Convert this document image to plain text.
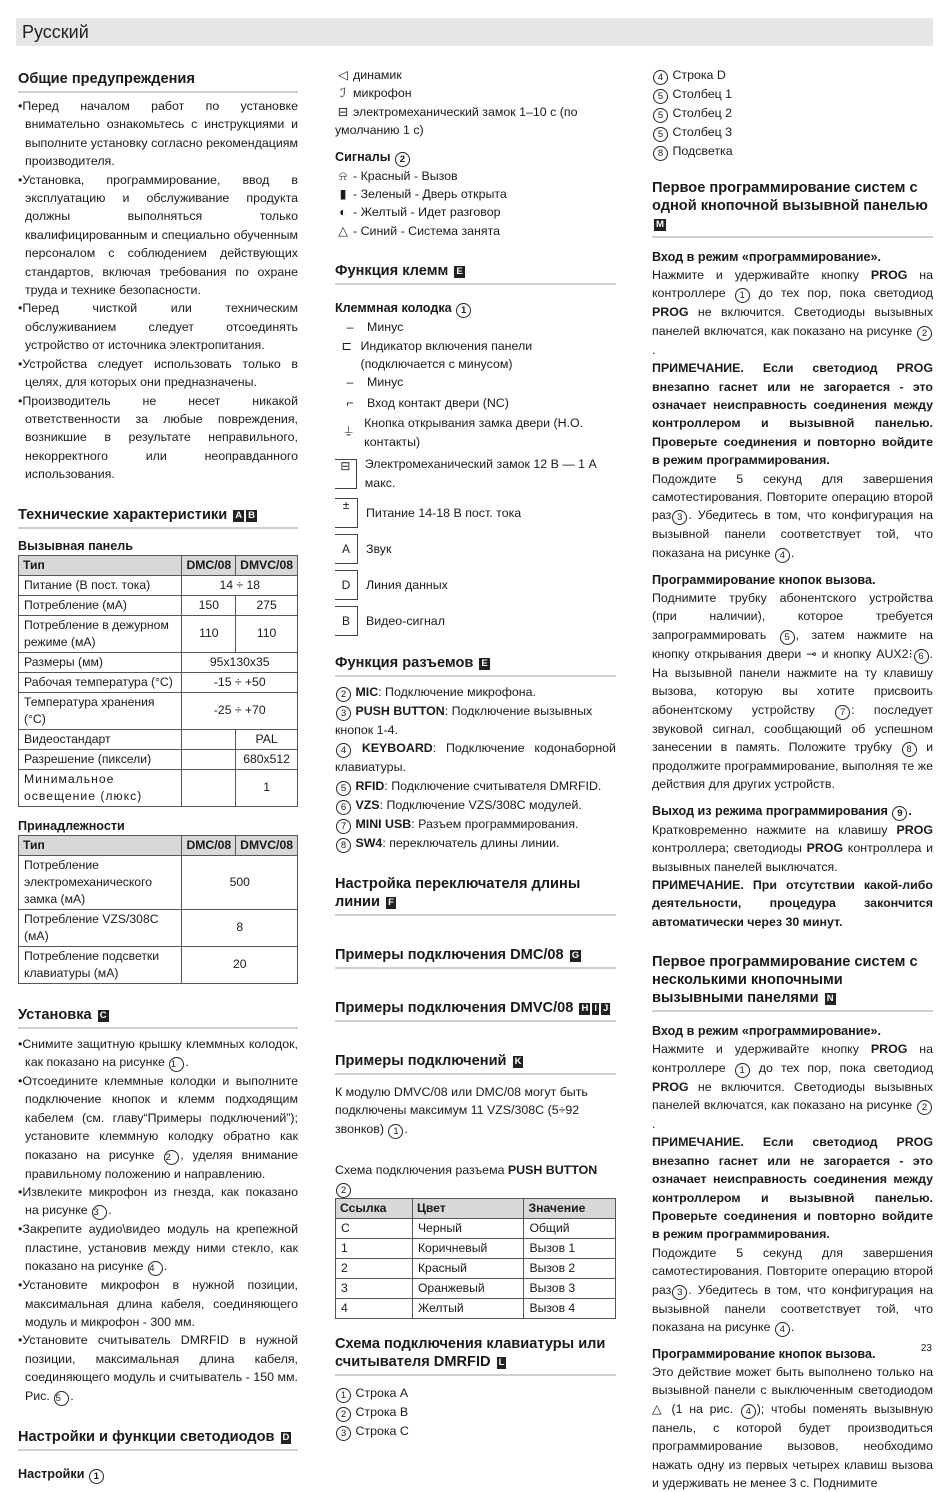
Русский
Общие предупреждения
• Перед началом работ по установке внимательно ознакомьтесь с инструкциями и выполните установку согласно рекомендациям производителя.
• Установка, программирование, ввод в эксплуатацию и обслуживание продукта должны выполняться только квалифицированным и специально обученным персоналом с соблюдением действующих стандартов, включая требования по охране труда и технике безопасности.
• Перед чисткой или техническим обслуживанием следует отсоединять устройство от источника электропитания.
• Устройства следует использовать только в целях, для которых они предназначены.
• Производитель не несет никакой ответственности за любые повреждения, возникшие в результате неправильного, некорректного или неоправданного использования.
Технические характеристики A B
Вызывная панель
Тип	DMC/08	DMVC/08
Питание (В пост. тока)	14 ÷ 18	
Потребление (мА)	150	275
Потребление в дежурном режиме (мА)	110	110
Размеры (мм)	95x130x35	
Рабочая температура (°C)	-15 ÷ +50	
Температура хранения (°C)	-25 ÷ +70	
Видеостандарт		PAL
Разрешение (пиксели)		680x512
Минимальное освещение (люкс)		1
Принадлежности
Тип	DMC/08	DMVC/08
Потребление электромеханического замка (мА)	500	
Потребление VZS/308C (мА)	8	
Потребление подсветки клавиатуры (мА)	20	
Установка C
• Снимите защитную крышку клеммных колодок, как показано на рисунке 1 .
• Отсоедините клеммные колодки и выполните подключение кнопок и клемм подходящим кабелем (см. главу“Примеры подключений”); установите клеммную колодку обратно как показано на рисунке 2 , уделяя внимание правильному положению и направлению.
• Извлеките микрофон из гнезда, как показано на рисунке 3 .
• Закрепите аудио\видео модуль на крепежной пластине, установив между ними стекло, как показано на рисунке 4 .
• Установите микрофон в нужной позиции, максимальная длина кабеля, соединяющего модуль и микрофон - 300 мм.
• Установите считыватель DMRFID в нужной позиции, максимальная длина кабеля, соединяющего модуль и считыватель - 150 мм. Рис. 5 .
Настройки и функции светодиодов D
Настройки 1
◁ динамик
ℐ микрофон
⊟ электромеханический замок 1–10 с (по умолчанию 1 с)
Сигналы 2
⍾ - Красный - Вызов
▮ - Зеленый - Дверь открыта
◐ - Желтый - Идет разговор
△ - Синий - Система занята
Функция клемм E
Клеммная колодка 1
–	Минус
⊏ Индикатор включения панели (подключается с минусом)
–	Минус
⌐	Вход контакт двери (NC)
⏚
Кнопка открывания замка двери (Н.О. контакты)
⊟	Электромеханический замок 12 В — 1 А макс.
±
Питание 14-18 В пост. тока
A	Звук
D	Линия данных
B	Видео-сигнал
Функция разъемов E
2 MIC: Подключение микрофона.
3 PUSH BUTTON: Подключение вызывных кнопок 1-4.
4 KEYBOARD: Подключение кодонаборной клавиатуры.
5 RFID: Подключение считывателя DMRFID.
6 VZS: Подключение VZS/308C модулей.
7 MINI USB: Разъем программирования.
8 SW4: переключатель длины линии.
Настройка переключателя длины линии F
Примеры подключения DMC/08 G
Примеры подключения DMVC/08 H I J
Примеры подключений K

К модулю DMVC/08 или DMC/08 могут быть подключены максимум 11 VZS/308C (5÷92 звонков) 1 .

Схема подключения разъема PUSH BUTTON 2

Ссылка	Цвет	Значение
C	Черный	Общий
1	Коричневый	Вызов 1
2	Красный	Вызов 2
3	Оранжевый	Вызов 3
4	Желтый	Вызов 4
Схема подключения клавиатуры или считывателя DMRFID L
1 Строка A
2 Строка B
3 Строка C
4 Строка D
5 Столбец 1
5 Столбец 2
5 Столбец 3
8 Подсветка
Первое программирование систем с одной кнопочной вызывной панелью M
Вход в режим «программирование».

Нажмите и удерживайте кнопку PROG на контроллере 1 до тех пор, пока светодиод PROG не включится. Светодиоды вызывных панелей включатся, как показано на рисунке 2.

ПРИМЕЧАНИЕ. Если светодиод PROG внезапно гаснет или не загорается - это означает неисправность соединения между контроллером и вызывной панелью. Проверьте соединения и повторно войдите в режим программирования.

Подождите 5 секунд для завершения самотестирования. Повторите операцию второй раз 3 . Убедитесь в том, что конфигурация на вызывной панели соответствует той, что показана на рисунке 4 .

Программирование кнопок вызова.

Поднимите трубку абонентского устройства (при наличии), которое требуется запрограммировать 5 , затем нажмите на кнопку открывания двери ⊸ и кнопку AUX2⁝ 6 . На вызывной панели нажмите на ту клавишу вызова, которую вы хотите присвоить абонентскому устройству 7 : последует звуковой сигнал, сообщающий об успешном занесении в память. Положите трубку 8 и продолжите программирование, выполняя те же действия для других устройств.

Выход из режима программирования 9 .

Кратковременно нажмите на клавишу PROG контроллера; светодиоды PROG контроллера и вызывных панелей выключатся.

ПРИМЕЧАНИЕ. При отсутствии какой-либо деятельности, процедура закончится автоматически через 30 минут.

Первое программирование систем с несколькими кнопочными вызывными панелями N
Вход в режим «программирование».

Нажмите и удерживайте кнопку PROG на контроллере 1 до тех пор, пока светодиод PROG не включится. Светодиоды вызывных панелей включатся, как показано на рисунке 2.

ПРИМЕЧАНИЕ. Если светодиод PROG внезапно гаснет или не загорается - это означает неисправность соединения между контроллером и вызывной панелью. Проверьте соединения и повторно войдите в режим программирования.

Подождите 5 секунд для завершения самотестирования. Повторите операцию второй раз 3 . Убедитесь в том, что конфигурация на вызывной панели соответствует той, что показана на рисунке 4 .

Программирование кнопок вызова.

Это действие может быть выполнено только на вызывной панели с выключенным светодиодом △ (1 на рис. 4 ); чтобы поменять вызывную панель, с которой будет производиться программирование вызовов, необходимо нажать одну из первых четырех клавиш вызова и удерживать не менее 3 с. Поднимите

23
